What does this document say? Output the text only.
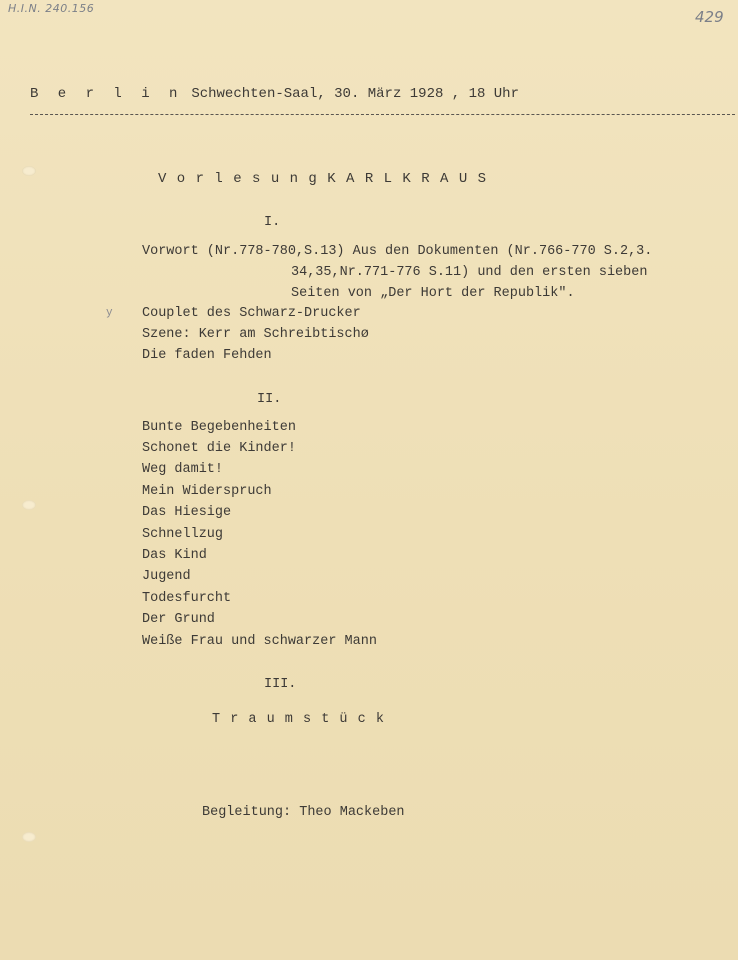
H.I.N. 240.156	429
B e r l i n Schwechten-Saal, 30. März 1928 , 18 Uhr
V o r l e s u n g K A R L K R A U S
I.
Vorwort (Nr.778-780,S.13) Aus den Dokumenten (Nr.766-770 S.2,3.
34,35,Nr.771-776 S.11) und den ersten sieben
Seiten von „Der Hort der Republik".
y Couplet des Schwarz-Drucker
Szene: Kerr am Schreibtischø
Die faden Fehden
II.
Bunte Begebenheiten
Schonet die Kinder!
Weg damit!
Mein Widerspruch
Das Hiesige
Schnellzug
Das Kind
Jugend
Todesfurcht
Der Grund
Weiße Frau und schwarzer Mann
III.
T r a u m s t ü c k
Begleitung: Theo Mackeben
